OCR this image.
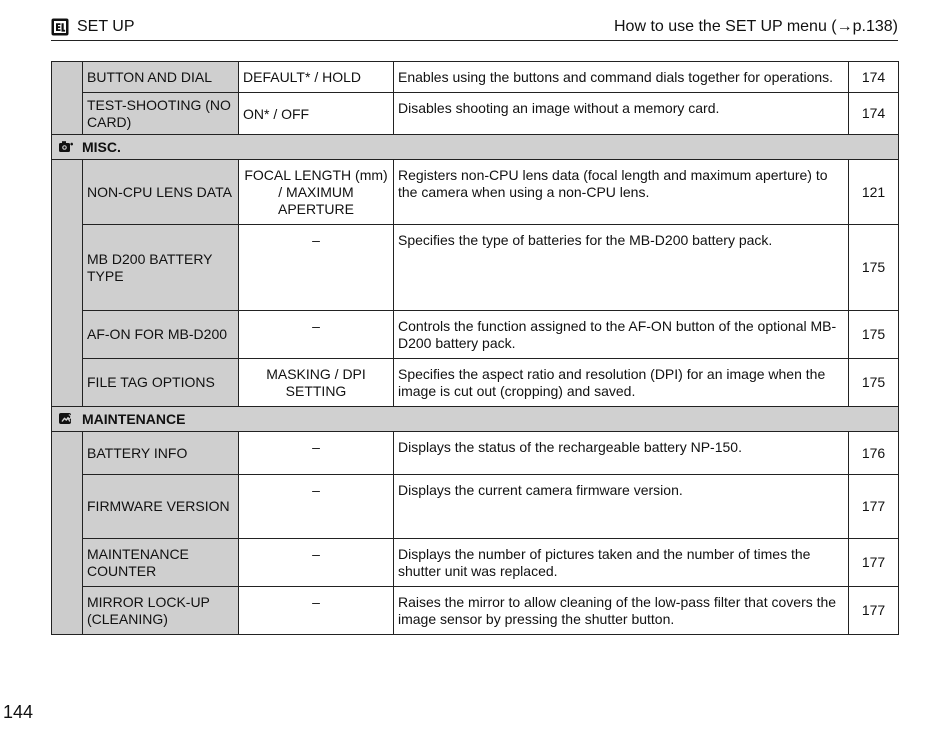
SET UP	How to use the SET UP menu (→p.138)
	BUTTON AND DIAL	DEFAULT* / HOLD	Enables using the buttons and command dials together for operations.	174
	TEST-SHOOTING (NO CARD)	ON* / OFF	Disables shooting an image without a memory card.	174

MISC.				

	NON-CPU LENS DATA	FOCAL LENGTH (mm) / MAXIMUM APERTURE	Registers non-CPU lens data (focal length and maximum aperture) to the camera when using a non-CPU lens.	121
	MB D200 BATTERY TYPE	–	Specifies the type of batteries for the MB-D200 battery pack.	175
	AF-ON FOR MB-D200	–	Controls the function assigned to the AF-ON button of the optional MB-D200 battery pack.	175
	FILE TAG OPTIONS	MASKING / DPI SETTING	Specifies the aspect ratio and resolution (DPI) for an image when the image is cut out (cropping) and saved.	175

MAINTENANCE				

	BATTERY INFO	–	Displays the status of the rechargeable battery NP-150.	176
	FIRMWARE VERSION	–	Displays the current camera firmware version.	177
	MAINTENANCE COUNTER	–	Displays the number of pictures taken and the number of times the shutter unit was replaced.	177
	MIRROR LOCK-UP (CLEANING)	–	Raises the mirror to allow cleaning of the low-pass filter that covers the image sensor by pressing the shutter button.	177
144
